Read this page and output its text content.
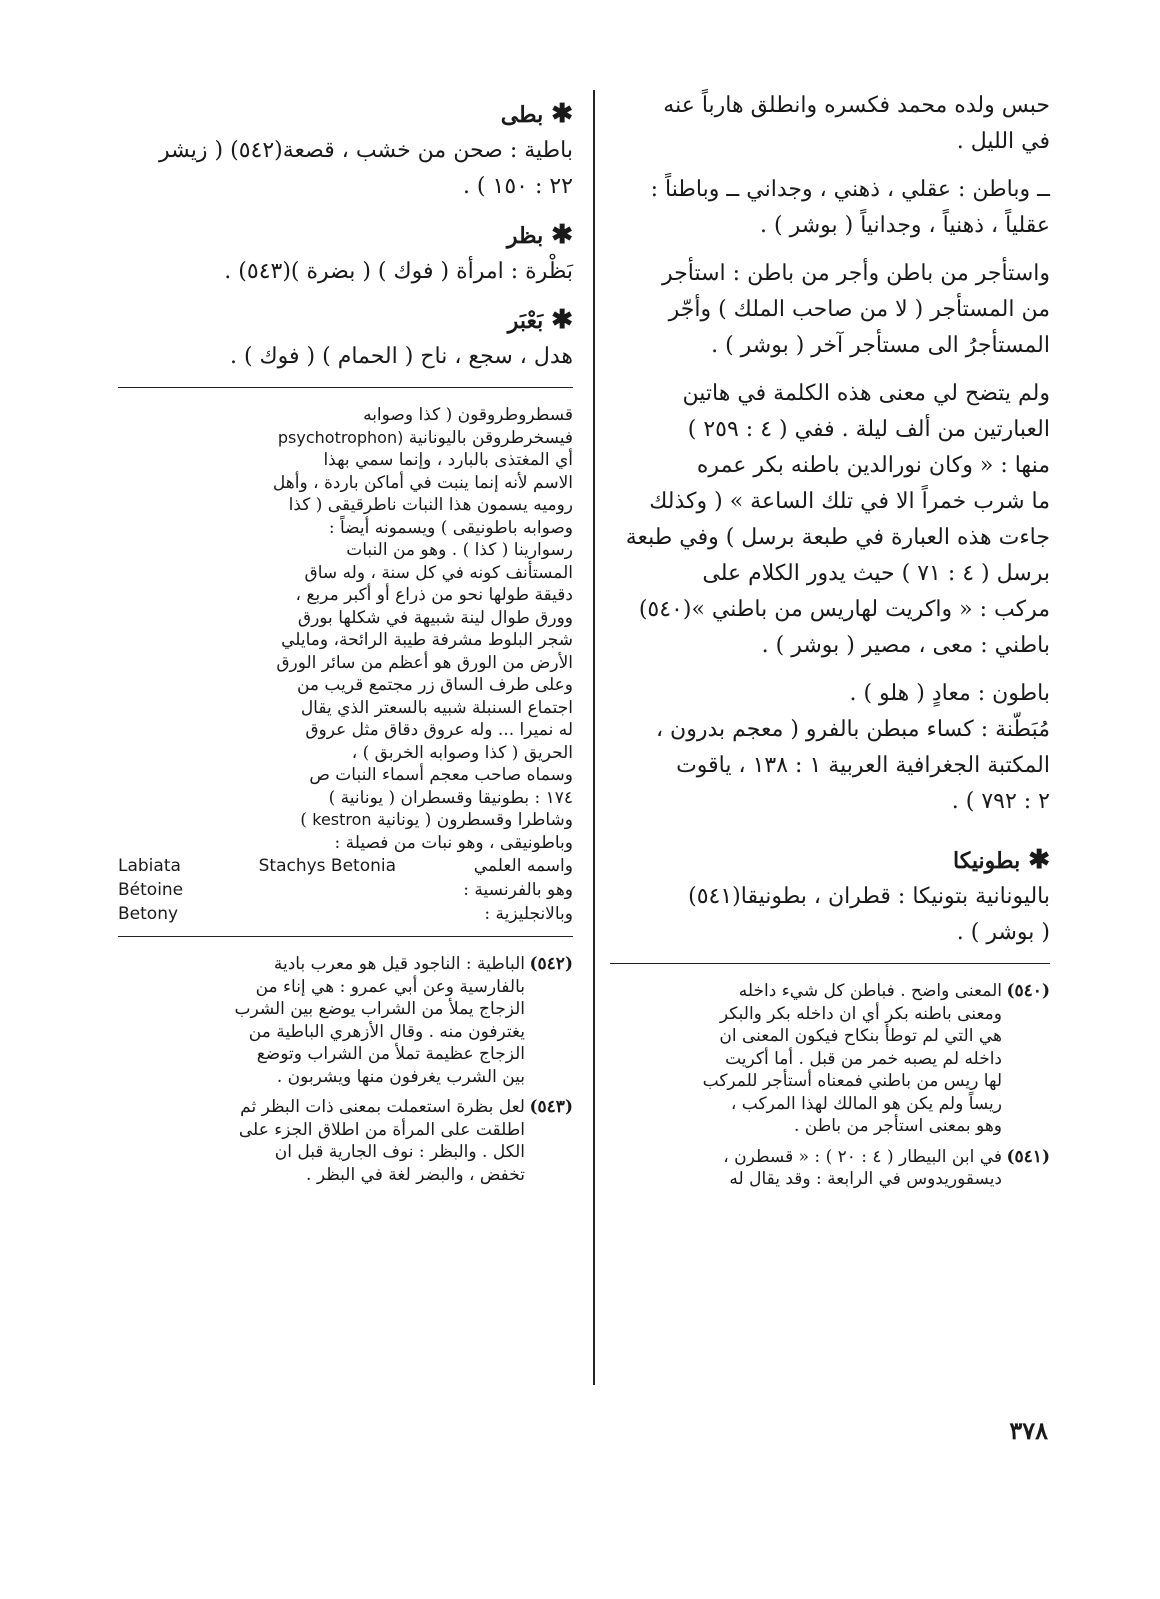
حبس ولده محمد فكسره وانطلق هارباً عنه

في الليل .

ــ وباطن : عقلي ، ذهني ، وجداني ــ وباطناً :

عقلياً ، ذهنياً ، وجدانياً ( بوشر ) .

واستأجر من باطن وأجر من باطن : استأجر

من المستأجر ( لا من صاحب الملك ) وأجّر

المستأجرُ الى مستأجر آخر ( بوشر ) .

ولم يتضح لي معنى هذه الكلمة في هاتين

العبارتين من ألف ليلة . ففي ( ٤ : ٢٥٩ )

منها : « وكان نورالدين باطنه بكر عمره

ما شرب خمراً الا في تلك الساعة » ( وكذلك

جاءت هذه العبارة في طبعة برسل ) وفي طبعة

برسل ( ٤ : ٧١ ) حيث يدور الكلام على

مركب : « واكريت لهاريس من باطني »(٥٤٠)

باطني : معى ، مصير ( بوشر ) .

باطون : معادٍ ( هلو ) .

مُبَطّنة : كساء مبطن بالفرو ( معجم بدرون ،

المكتبة الجغرافية العربية ١ : ١٣٨ ، ياقوت

٢ : ٧٩٢ ) .

✱بطونيكا

باليونانية بتونيكا : قطران ، بطونيقا(٥٤١)

( بوشر ) .

(٥٤٠)
المعنى واضح . فباطن كل شيء داخله
ومعنى باطنه بكر أي ان داخله بكر والبكر
هي التي لم توطأ بنكاح فيكون المعنى ان
داخله لم يصبه خمر من قبل . أما أكريت
لها ريس من باطني فمعناه أستأجر للمركب
ريساً ولم يكن هو المالك لهذا المركب ،
وهو بمعنى استأجر من باطن .
(٥٤١)
في ابن البيطار ( ٤ : ٢٠ ) : « قسطرن ،
ديسقوريدوس في الرابعة : وقد يقال له

✱بطى

باطية : صحن من خشب ، قصعة(٥٤٢) ( زيشر

٢٢ : ١٥٠ ) .

✱بظر

بَظْرة : امرأة ( فوك ) ( بضرة )(٥٤٣) .

✱بَعْبَر

هدل ، سجع ، ناح ( الحمام ) ( فوك ) .

قسطروطروقون ( كذا وصوابه

فيسخرطروقن باليونانية psychotrophon)

أي المغتذى بالبارد ، وإنما سمي بهذا

الاسم لأنه إنما ينبت في أماكن باردة ، وأهل

روميه يسمون هذا النبات ناطرقيقى ( كذا

وصوابه باطونيقى ) ويسمونه أيضاً :

رسوارينا ( كذا ) . وهو من النبات

المستأنف كونه في كل سنة ، وله ساق

دقيقة طولها نحو من ذراع أو أكبر مربع ،

وورق طوال لينة شبيهة في شكلها بورق

شجر البلوط مشرفة طيبة الرائحة، ومايلي

الأرض من الورق هو أعظم من سائر الورق

وعلى طرف الساق زر مجتمع قريب من

اجتماع السنبلة شبيه بالسعتر الذي يقال

له نميرا ... وله عروق دقاق مثل عروق

الحريق ( كذا وصوابه الخربق ) ،

وسماه صاحب معجم أسماء النبات ص

١٧٤ : بطونيقا وقسطران ( يونانية )

وشاطرا وقسطرون ( يونانية kestron )

وباطونيقى ، وهو نبات من فصيلة :

واسمه العلمي
Stachys Betonia
Labiata
وهو بالفرنسية :
Bétoine
وبالانجليزية :
Betony
(٥٤٢)
الباطية : الناجود قيل هو معرب بادية
بالفارسية وعن أبي عمرو : هي إناء من
الزجاج يملأ من الشراب يوضع بين الشرب
يغترفون منه . وقال الأزهري الباطية من
الزجاج عظيمة تملأ من الشراب وتوضع
بين الشرب يغرفون منها ويشربون .
(٥٤٣)
لعل بظرة استعملت بمعنى ذات البظر ثم
اطلقت على المرأة من اطلاق الجزء على
الكل . والبظر : نوف الجارية قبل ان
تخفض ، والبضر لغة في البظر .
٣٧٨
